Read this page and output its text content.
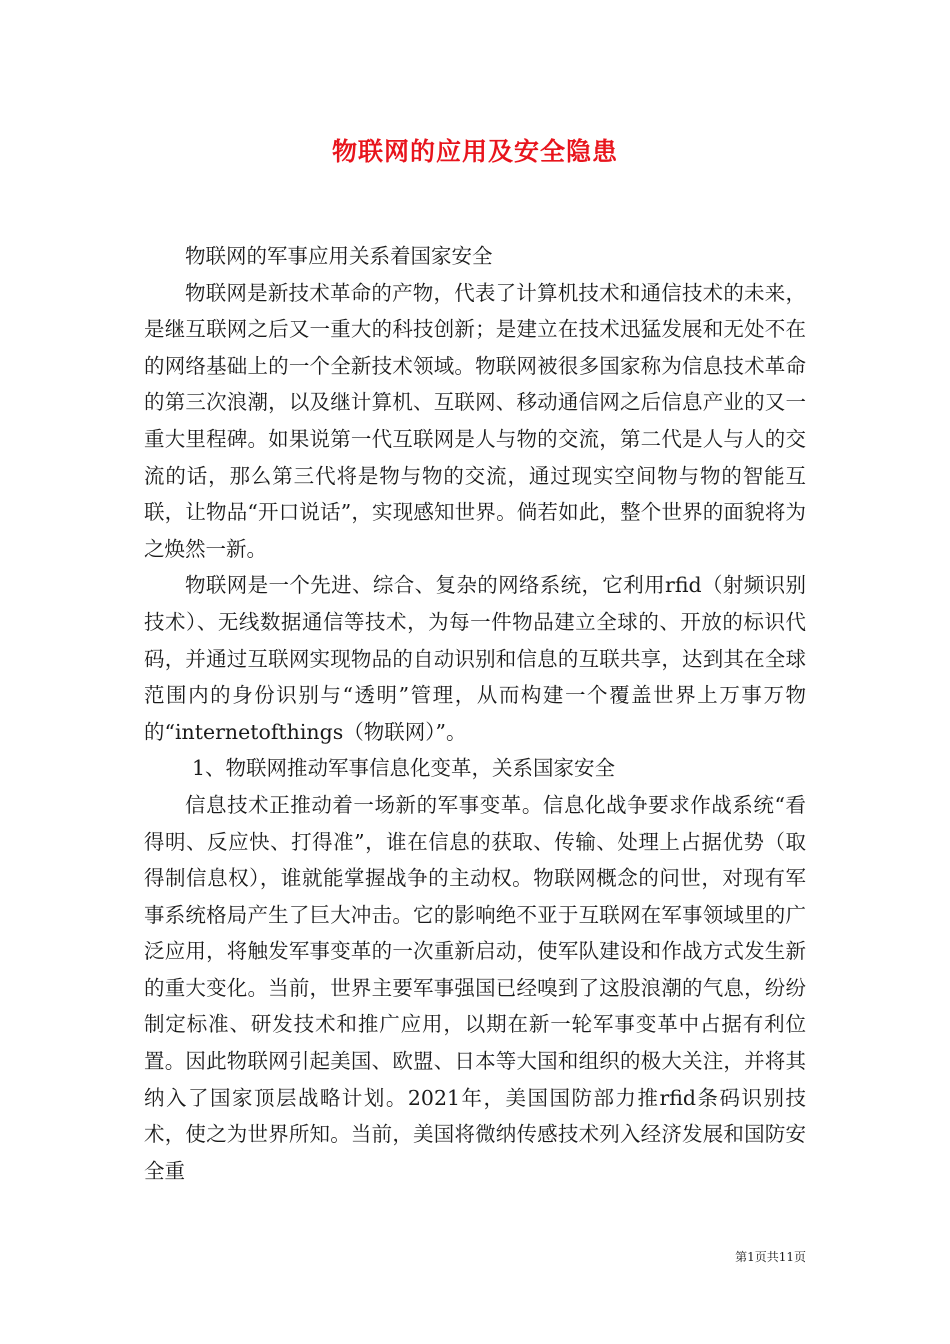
物联网的应用及安全隐患

物联网的军事应用关系着国家安全

物联网是新技术革命的产物，代表了计算机技术和通信技术的未来，是继互联网之后又一重大的科技创新；是建立在技术迅猛发展和无处不在的网络基础上的一个全新技术领域。物联网被很多国家称为信息技术革命的第三次浪潮，以及继计算机、互联网、移动通信网之后信息产业的又一重大里程碑。如果说第一代互联网是人与物的交流，第二代是人与人的交流的话，那么第三代将是物与物的交流，通过现实空间物与物的智能互联，让物品“开口说话”，实现感知世界。倘若如此，整个世界的面貌将为之焕然一新。

物联网是一个先进、综合、复杂的网络系统，它利用rfid（射频识别技术）、无线数据通信等技术，为每一件物品建立全球的、开放的标识代码，并通过互联网实现物品的自动识别和信息的互联共享，达到其在全球范围内的身份识别与“透明”管理，从而构建一个覆盖世界上万事万物的“internetofthings（物联网）”。

1、物联网推动军事信息化变革，关系国家安全

信息技术正推动着一场新的军事变革。信息化战争要求作战系统“看得明、反应快、打得准”，谁在信息的获取、传输、处理上占据优势（取得制信息权），谁就能掌握战争的主动权。物联网概念的问世，对现有军事系统格局产生了巨大冲击。它的影响绝不亚于互联网在军事领域里的广泛应用，将触发军事变革的一次重新启动，使军队建设和作战方式发生新的重大变化。当前，世界主要军事强国已经嗅到了这股浪潮的气息，纷纷制定标准、研发技术和推广应用，以期在新一轮军事变革中占据有利位置。因此物联网引起美国、欧盟、日本等大国和组织的极大关注，并将其纳入了国家顶层战略计划。2021年，美国国防部力推rfid条码识别技术，使之为世界所知。当前，美国将微纳传感技术列入经济发展和国防安全重

第1页共11页
